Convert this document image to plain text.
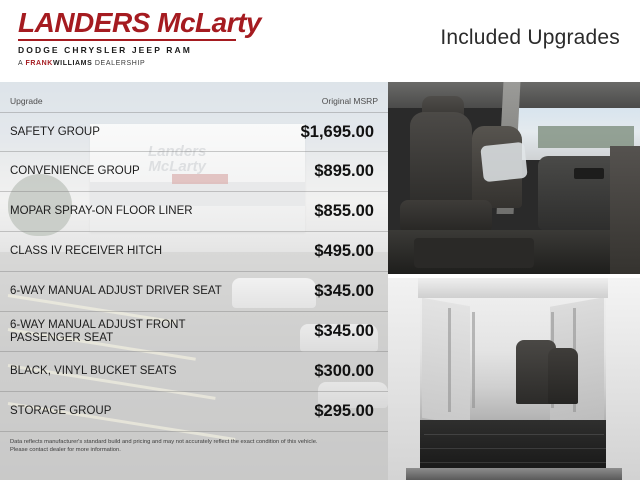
LANDERS McLarty
DODGE CHRYSLER JEEP RAM
A FRANKWILLIAMS DEALERSHIP
Included Upgrades

Upgrade	Original MSRP
SAFETY GROUP	$1,695.00
CONVENIENCE GROUP	$895.00
MOPAR SPRAY-ON FLOOR LINER	$855.00
CLASS IV RECEIVER HITCH	$495.00
6-WAY MANUAL ADJUST DRIVER SEAT	$345.00
6-WAY MANUAL ADJUST FRONT PASSENGER SEAT	$345.00
BLACK, VINYL BUCKET SEATS	$300.00
STORAGE GROUP	$295.00
Data reflects manufacturer's standard build and pricing and may not accurately reflect the exact condition of this vehicle.
Please contact dealer for more information.
